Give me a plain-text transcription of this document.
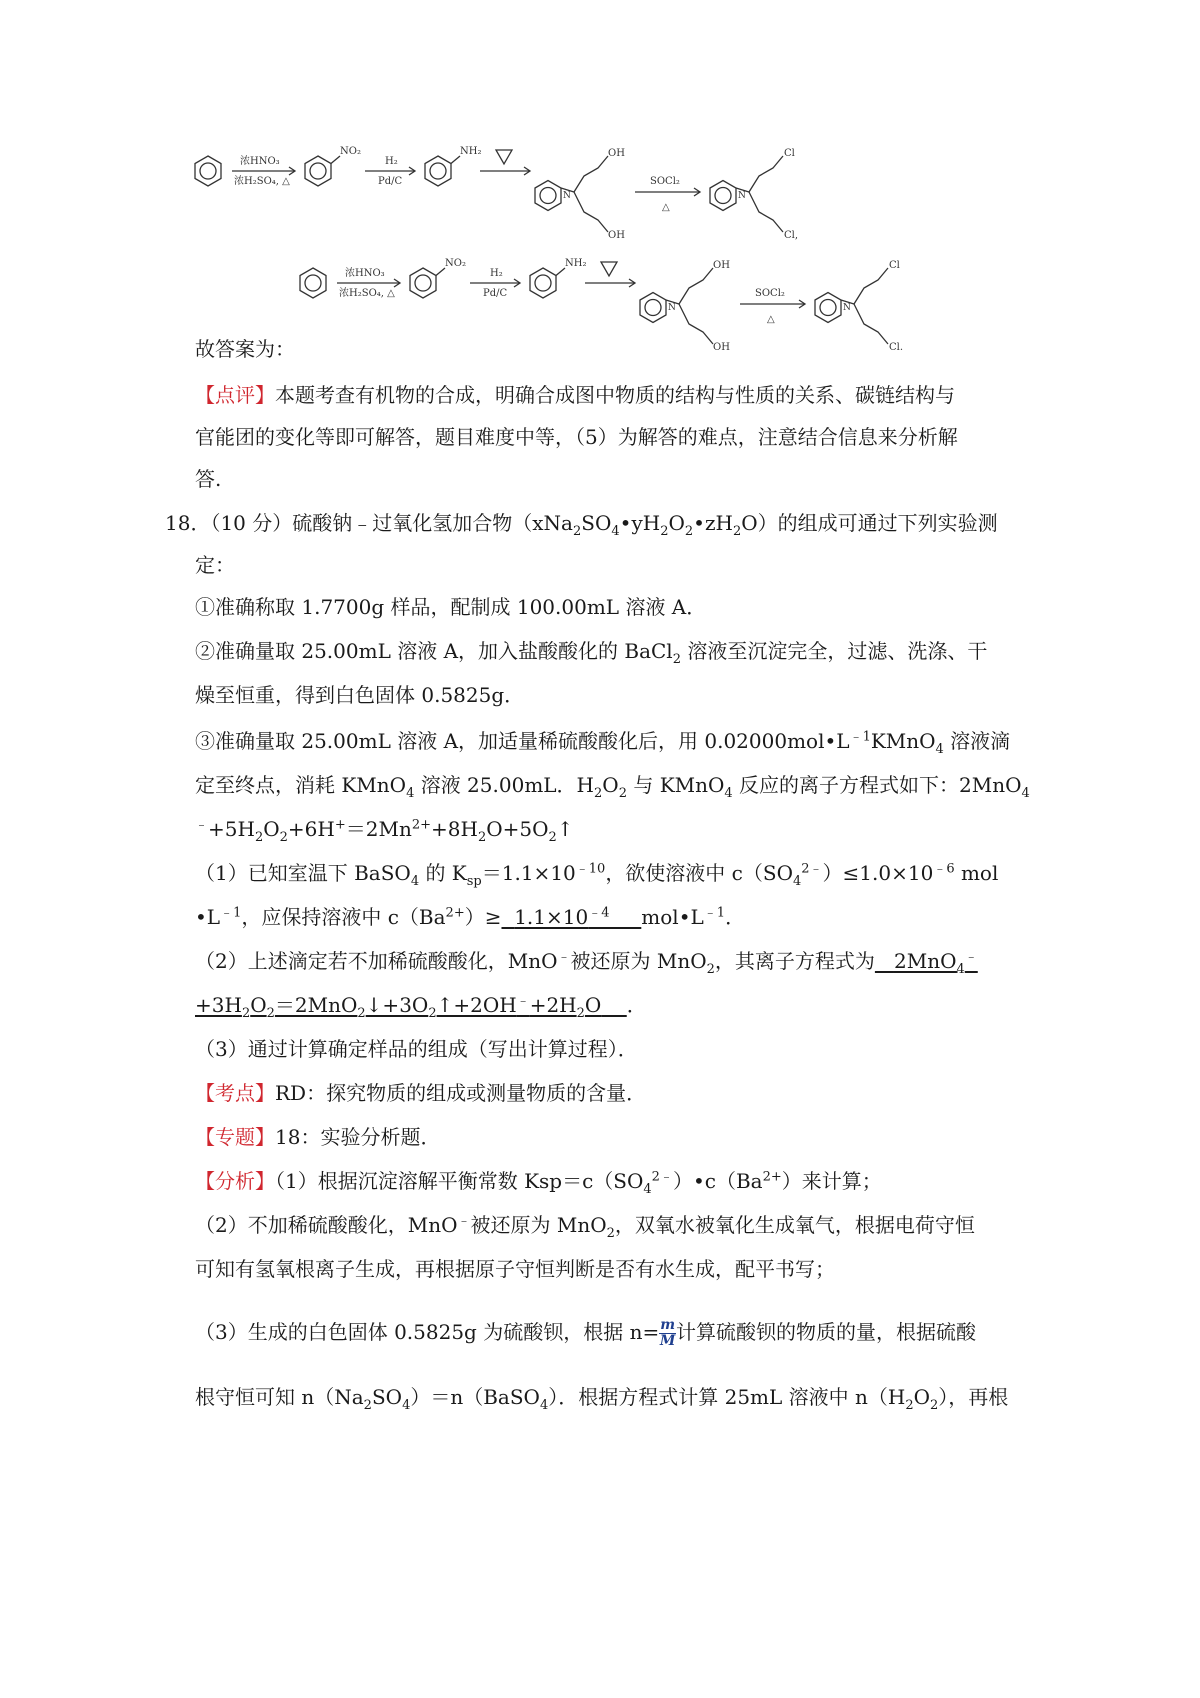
浓HNO₃
浓H₂SO₄, △
NO₂
H₂
Pd/C
NH₂
N
OH
OH
SOCl₂
△
N
Cl
Cl,
浓HNO₃
浓H₂SO₄, △
NO₂
H₂
Pd/C
NH₂
N
OH
OH
SOCl₂
△
N
Cl
Cl.
故答案为：
【点评】本题考查有机物的合成，明确合成图中物质的结构与性质的关系、碳链结构与
官能团的变化等即可解答，题目难度中等，（5）为解答的难点，注意结合信息来分析解
答.
18．（10 分）硫酸钠﹣过氧化氢加合物$(xNa_2SO_4•yH_2O_2•zH_2O)$的组成可通过下列实验测
定：
①准确称取 1.7700g 样品，配制成 100.00mL 溶液 A．
②准确量取 25.00mL 溶液 A，加入盐酸酸化的 BaCl$_2$ 溶液至沉淀完全，过滤、洗涤、干
燥至恒重，得到白色固体 0.5825g．
③准确量取 25.00mL 溶液 A，加适量稀硫酸酸化后，用 $0.02000mol•L^{﹣1}KMnO_4$ 溶液滴
定至终点，消耗 KMnO$_4$ 溶液 25.00mL．$H_2O_2$ 与 KMnO$_4$ 反应的离子方程式如下：2MnO$_4$
$^﹣+5H_2O_2+6H^+=2Mn^{2+}+8H_2O+5O_2↑$
（1）已知室温下 BaSO$_4$ 的 $K_{sp}=1.1\times 10^{﹣10}$，欲使溶液中 $c(SO_4^{2﹣})\le 1.0\times 10^{﹣6}$ mol
$•L^{﹣1}$，应保持溶液中 $c(Ba^{2+})\ge 1.1\times 10^{﹣4}$ $mol•L^{﹣1}$．
（2）上述滴定若不加稀硫酸酸化，MnO﹣被还原为 MnO$_2$，其离子方程式为 2MnO$_4$﹣
$+3H_2O_2=2MnO_2↓+3O_2↑+2OH^﹣+2H_2O$ ．
（3）通过计算确定样品的组成（写出计算过程）．
【考点】RD：探究物质的组成或测量物质的含量．
【专题】18：实验分析题．
【分析】（1）根据沉淀溶解平衡常数 $Ksp=c(SO_4^{2﹣})•c(Ba^{2+})$来计算；
（2）不加稀硫酸酸化，MnO﹣被还原为 MnO$_2$，双氧水被氧化生成氧气，根据电荷守恒
可知有氢氧根离子生成，再根据原子守恒判断是否有水生成，配平书写；
（3）生成的白色固体 0.5825g 为硫酸钡，根据 $n= \frac{m}{M}$ 计算硫酸钡的物质的量，根据硫酸
根守恒可知 $n(Na_2SO_4)=n(BaSO_4)$．根据方程式计算 25mL 溶液中 $n(H_2O_2)$，再根
